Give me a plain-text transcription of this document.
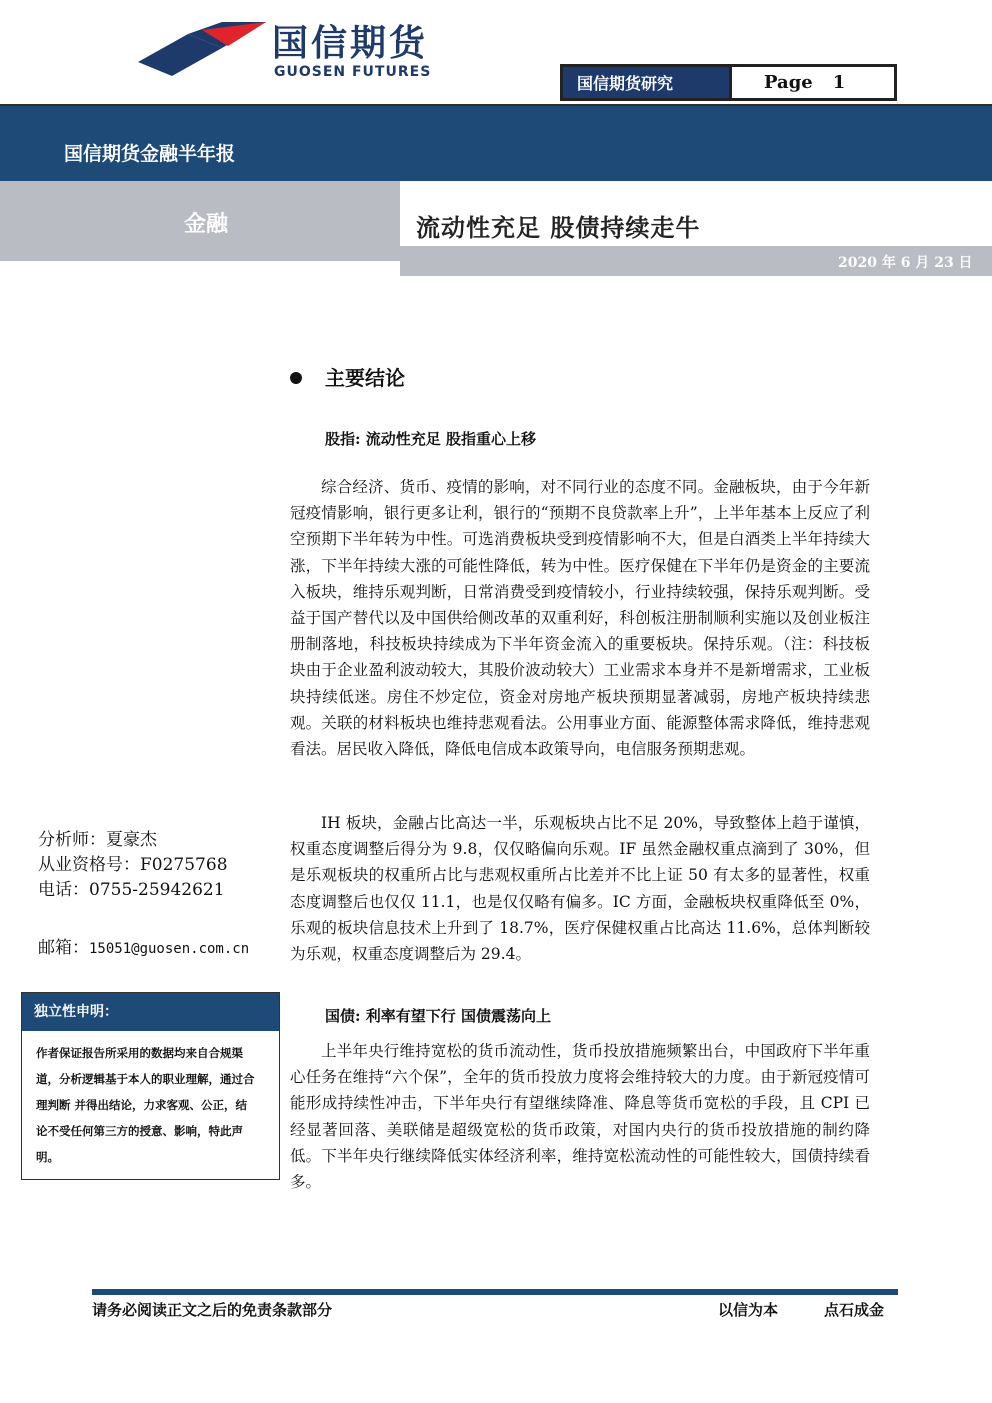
国信期货
GUOSEN FUTURES
国信期货研究	Page 1
国信期货金融半年报
金融	流动性充足 股债持续走牛
2020 年 6 月 23 日
主要结论
股指: 流动性充足 股指重心上移

综合经济、货币、疫情的影响，对不同行业的态度不同。金融板块，由于今年新冠疫情影响，银行更多让利，银行的“预期不良贷款率上升”，上半年基本上反应了利空预期下半年转为中性。可选消费板块受到疫情影响不大，但是白酒类上半年持续大涨，下半年持续大涨的可能性降低，转为中性。医疗保健在下半年仍是资金的主要流入板块，维持乐观判断，日常消费受到疫情较小，行业持续较强，保持乐观判断。受益于国产替代以及中国供给侧改革的双重利好，科创板注册制顺利实施以及创业板注册制落地，科技板块持续成为下半年资金流入的重要板块。保持乐观。（注：科技板块由于企业盈利波动较大，其股价波动较大）工业需求本身并不是新增需求，工业板块持续低迷。房住不炒定位，资金对房地产板块预期显著减弱，房地产板块持续悲观。关联的材料板块也维持悲观看法。公用事业方面、能源整体需求降低，维持悲观看法。居民收入降低，降低电信成本政策导向，电信服务预期悲观。

IH 板块，金融占比高达一半，乐观板块占比不足 20%，导致整体上趋于谨慎，权重态度调整后得分为 9.8，仅仅略偏向乐观。IF 虽然金融权重点滴到了 30%，但是乐观板块的权重所占比与悲观权重所占比差并不比上证 50 有太多的显著性，权重态度调整后也仅仅 11.1，也是仅仅略有偏多。IC 方面，金融板块权重降低至 0%，乐观的板块信息技术上升到了 18.7%，医疗保健权重占比高达 11.6%，总体判断较为乐观，权重态度调整后为 29.4。

国债: 利率有望下行 国债震荡向上

上半年央行维持宽松的货币流动性，货币投放措施频繁出台，中国政府下半年重心任务在维持“六个保”，全年的货币投放力度将会维持较大的力度。由于新冠疫情可能形成持续性冲击，下半年央行有望继续降准、降息等货币宽松的手段，且 CPI 已经显著回落、美联储是超级宽松的货币政策，对国内央行的货币投放措施的制约降低。下半年央行继续降低实体经济利率，维持宽松流动性的可能性较大，国债持续看多。

分析师：夏豪杰
从业资格号：F0275768
电话：0755-25942621
邮箱：15051@guosen.com.cn
独立性申明：
作者保证报告所采用的数据均来自合规渠道，分析逻辑基于本人的职业理解，通过合理判断 并得出结论，力求客观、公正，结论不受任何第三方的授意、影响，特此声明。
请务必阅读正文之后的免责条款部分	以信为本	点石成金
